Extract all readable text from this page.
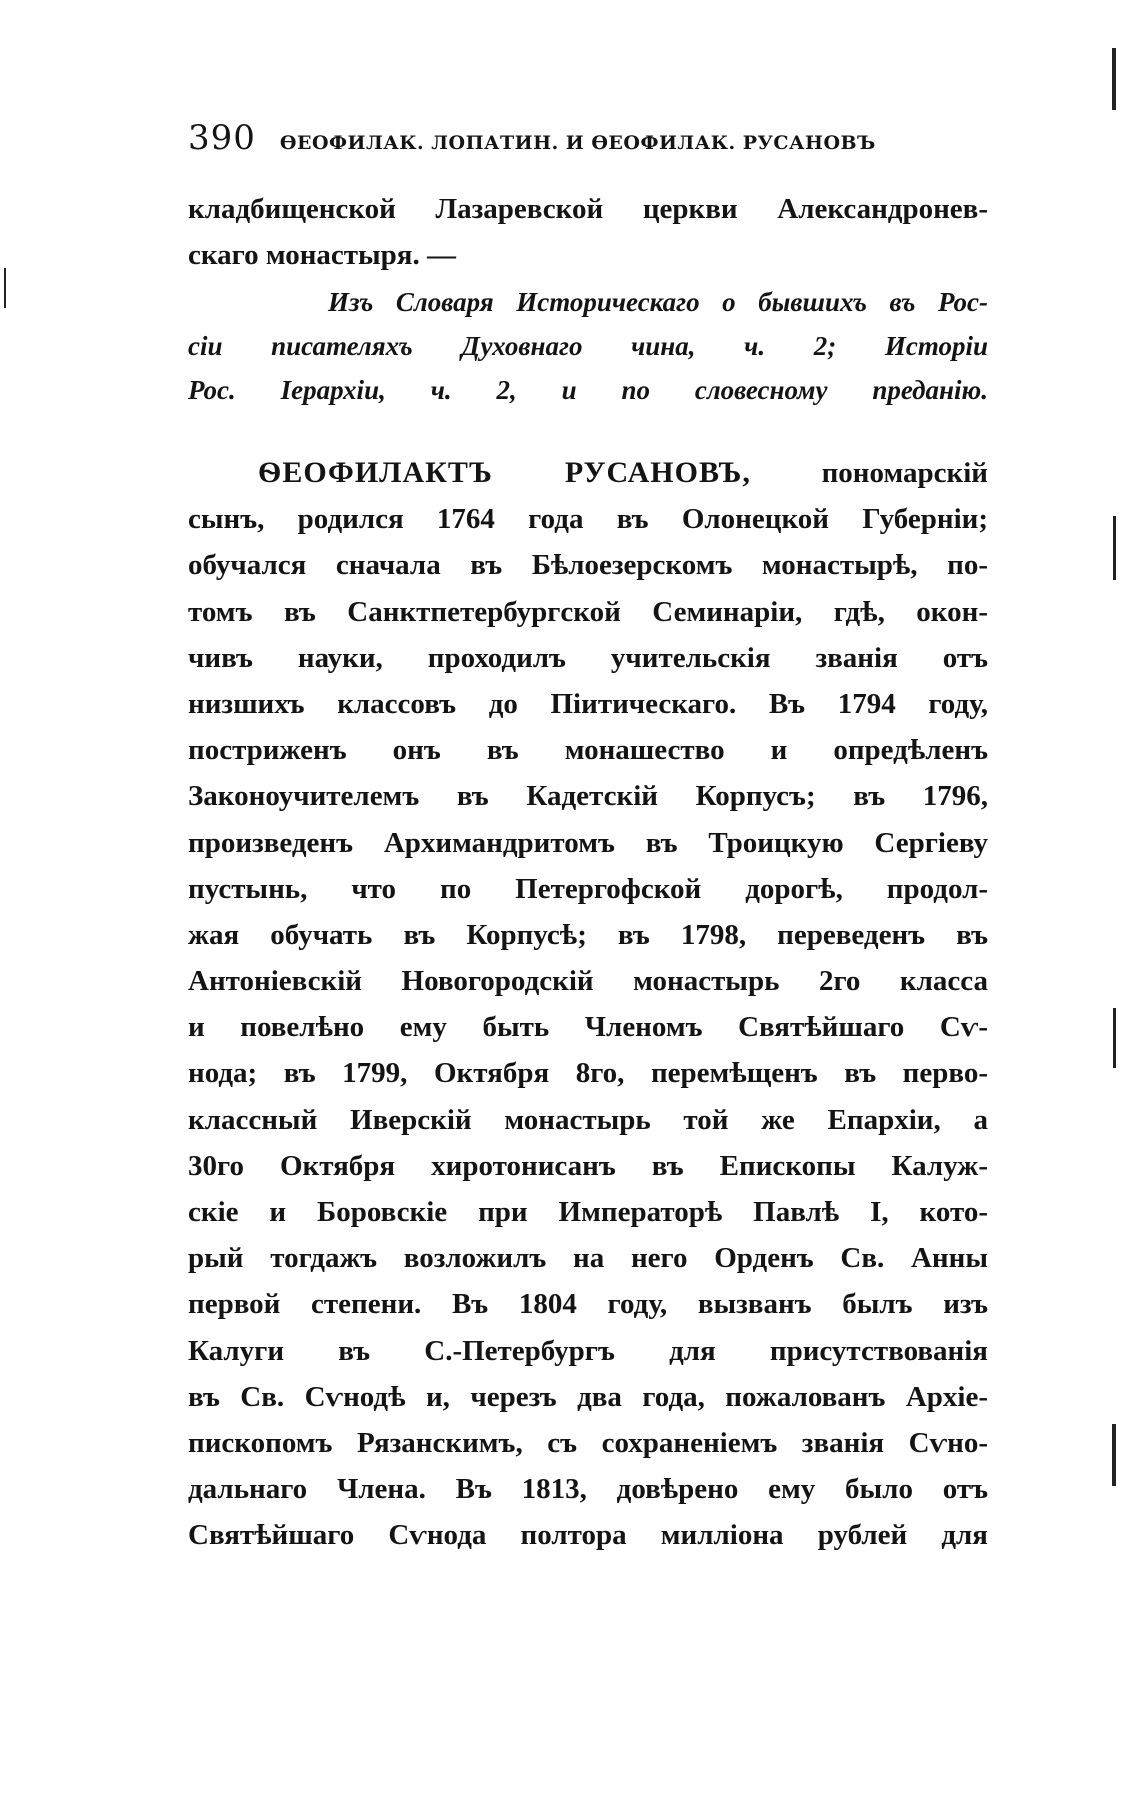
390 ѲЕОФИЛАК. ЛОПАТИН. И ѲЕОФИЛАК. РУСАНОВЪ
кладбищенской Лазаревской церкви Александронев-
скаго монастыря. —
Изъ Словаря Историческаго о бывшихъ въ Рос-
сіи писателяхъ Духовнаго чина, ч. 2; Исторіи
Рос. Іерархіи, ч. 2, и по словесному преданію.
ѲЕОФИЛАКТЪ РУСАНОВЪ, пономарскій
сынъ, родился 1764 года въ Олонецкой Губерніи;
обучался сначала въ Бѣлоезерскомъ монастырѣ, по-
томъ въ Санктпетербургской Семинаріи, гдѣ, окон-
чивъ науки, проходилъ учительскія званія отъ
низшихъ классовъ до Піитическаго. Въ 1794 году,
постриженъ онъ въ монашество и опредѣленъ
Законоучителемъ въ Кадетскій Корпусъ; въ 1796,
произведенъ Архимандритомъ въ Троицкую Сергіеву
пустынь, что по Петергофской дорогѣ, продол-
жая обучать въ Корпусѣ; въ 1798, переведенъ въ
Антоніевскій Новогородскій монастырь 2го класса
и повелѣно ему быть Членомъ Святѣйшаго Сѵ-
нода; въ 1799, Октября 8го, перемѣщенъ въ перво-
классный Иверскій монастырь той же Епархіи, а
30го Октября хиротонисанъ въ Епископы Калуж-
скіе и Боровскіе при Императорѣ Павлѣ I, кото-
рый тогдажъ возложилъ на него Орденъ Св. Анны
первой степени. Въ 1804 году, вызванъ былъ изъ
Калуги въ С.-Петербургъ для присутствованія
въ Св. Сѵнодѣ и, черезъ два года, пожалованъ Архіе-
пископомъ Рязанскимъ, съ сохраненіемъ званія Сѵно-
дальнаго Члена. Въ 1813, довѣрено ему было отъ
Святѣйшаго Сѵнода полтора милліона рублей для
